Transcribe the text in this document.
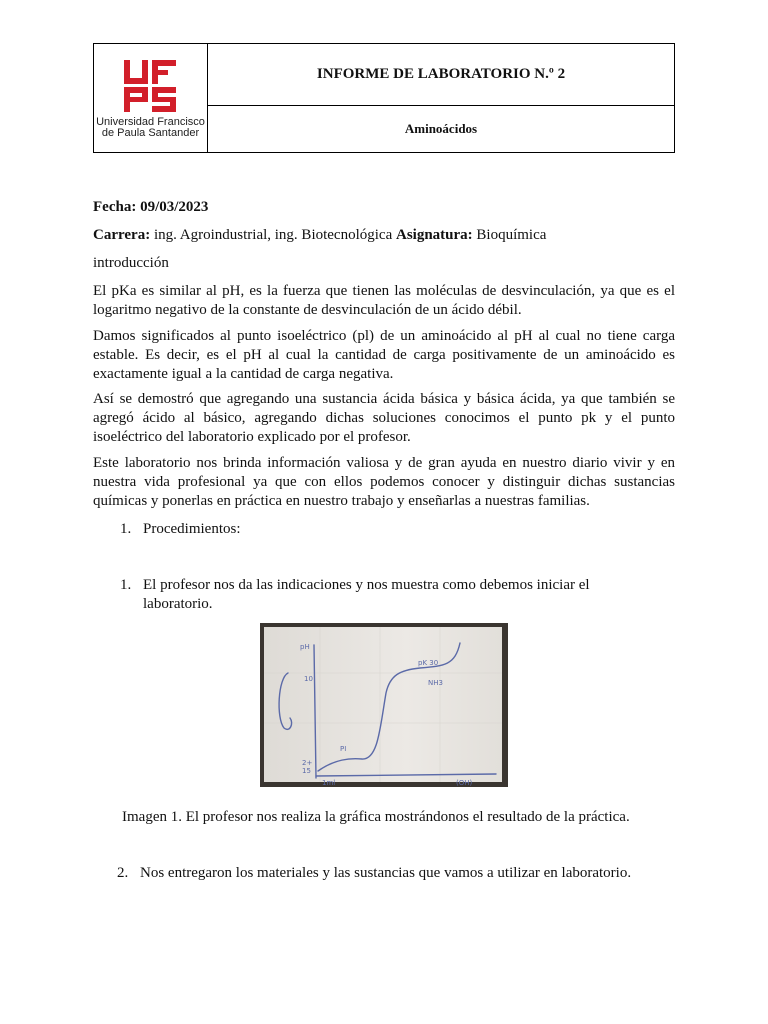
Universidad Francisco
de Paula Santander
INFORME DE LABORATORIO N.º 2
Aminoácidos
Fecha: 09/03/2023
Carrera: ing. Agroindustrial, ing. Biotecnológica Asignatura: Bioquímica
introducción

El pKa es similar al pH, es la fuerza que tienen las moléculas de desvinculación, ya que es el logaritmo negativo de la constante de desvinculación de un ácido débil.

Damos significados al punto isoeléctrico (pl) de un aminoácido al pH al cual no tiene carga estable. Es decir, es el pH al cual la cantidad de carga positivamente de un aminoácido es exactamente igual a la cantidad de carga negativa.

Así se demostró que agregando una sustancia ácida básica y básica ácida, ya que también se agregó ácido al básico, agregando dichas soluciones conocimos el punto pk y el punto isoeléctrico del laboratorio explicado por el profesor.

Este laboratorio nos brinda información valiosa y de gran ayuda en nuestro diario vivir y en nuestra vida profesional ya que con ellos podemos conocer y distinguir dichas sustancias químicas y ponerlas en práctica en nuestro trabajo y enseñarlas a nuestras familias.

1. Procedimientos:
1. El profesor nos da las indicaciones y nos muestra como debemos iniciar el laboratorio.
pH
10
pK 30
NH3
PI
2+
15
(OH)
1ml
Imagen 1. El profesor nos realiza la gráfica mostrándonos el resultado de la práctica.
2. Nos entregaron los materiales y las sustancias que vamos a utilizar en laboratorio.
